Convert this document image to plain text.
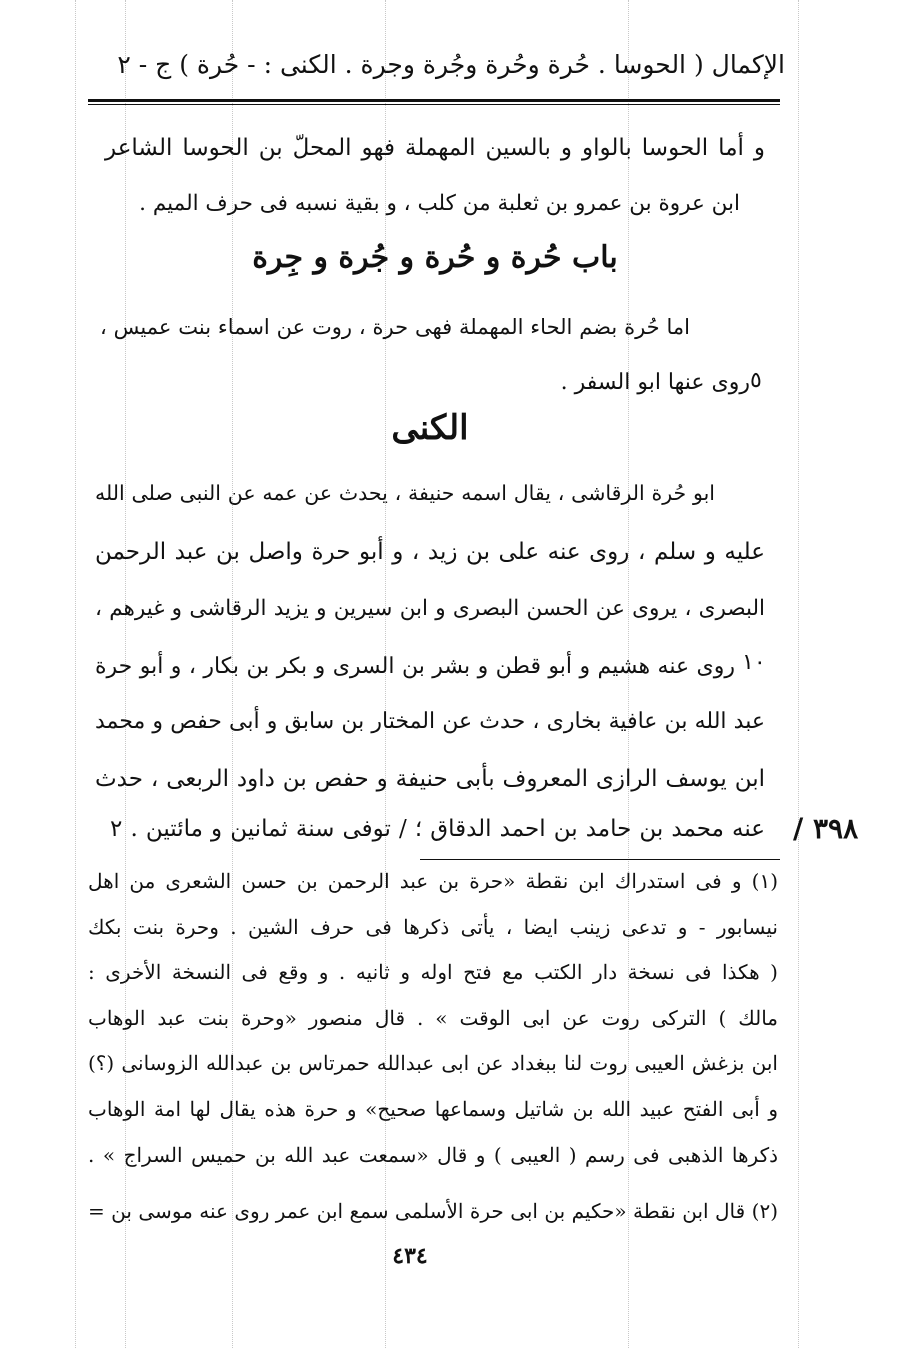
الإكمال ( الحوسا . حُرة وحُرة وجُرة وجرة . الكنى : - حُرة ) ج - ٢
و أما الحوسا بالواو و بالسين المهملة فهو المحلّ بن الحوسا الشاعر
ابن عروة بن عمرو بن ثعلبة من كلب ، و بقية نسبه فى حرف الميم .
باب حُرة و حُرة و جُرة و جِرة
اما حُرة بضم الحاء المهملة فهى حرة ، روت عن اسماء بنت عميس ،
روى عنها ابو السفر . ٥
الكنى
ابو حُرة الرقاشى ، يقال اسمه حنيفة ، يحدث عن عمه عن النبى صلى الله
عليه و سلم ، روى عنه على بن زيد ، و أبو حرة واصل بن عبد الرحمن
البصرى ، يروى عن الحسن البصرى و ابن سيرين و يزيد الرقاشى و غيرهم ،
روى عنه هشيم و أبو قطن و بشر بن السرى و بكر بن بكار ، و أبو حرة
عبد الله بن عافية بخارى ، حدث عن المختار بن سابق و أبى حفص و محمد
ابن يوسف الرازى المعروف بأبى حنيفة و حفص بن داود الربعى ، حدث
عنه محمد بن حامد بن احمد الدقاق ؛ / توفى سنة ثمانين و مائتين . ٢
١٠
٣٩٨ /
(١) و فى استدراك ابن نقطة «حرة بن عبد الرحمن بن حسن الشعرى من اهل
نيسابور - و تدعى زينب ايضا ، يأتى ذكرها فى حرف الشين . وحرة بنت بكك
( هكذا فى نسخة دار الكتب مع فتح اوله و ثانيه . و وقع فى النسخة الأخرى :
مالك ) التركى روت عن ابى الوقت » . قال منصور «وحرة بنت عبد الوهاب
ابن بزغش العيبى روت لنا ببغداد عن ابى عبدالله حمرتاس بن عبدالله الزوسانى (؟)
و أبى الفتح عبيد الله بن شاتيل وسماعها صحيح» و حرة هذه يقال لها امة الوهاب
ذكرها الذهبى فى رسم ( العيبى ) و قال «سمعت عبد الله بن حميس السراج » .
(٢) قال ابن نقطة «حكيم بن ابى حرة الأسلمى سمع ابن عمر روى عنه موسى بن =
٤٣٤
